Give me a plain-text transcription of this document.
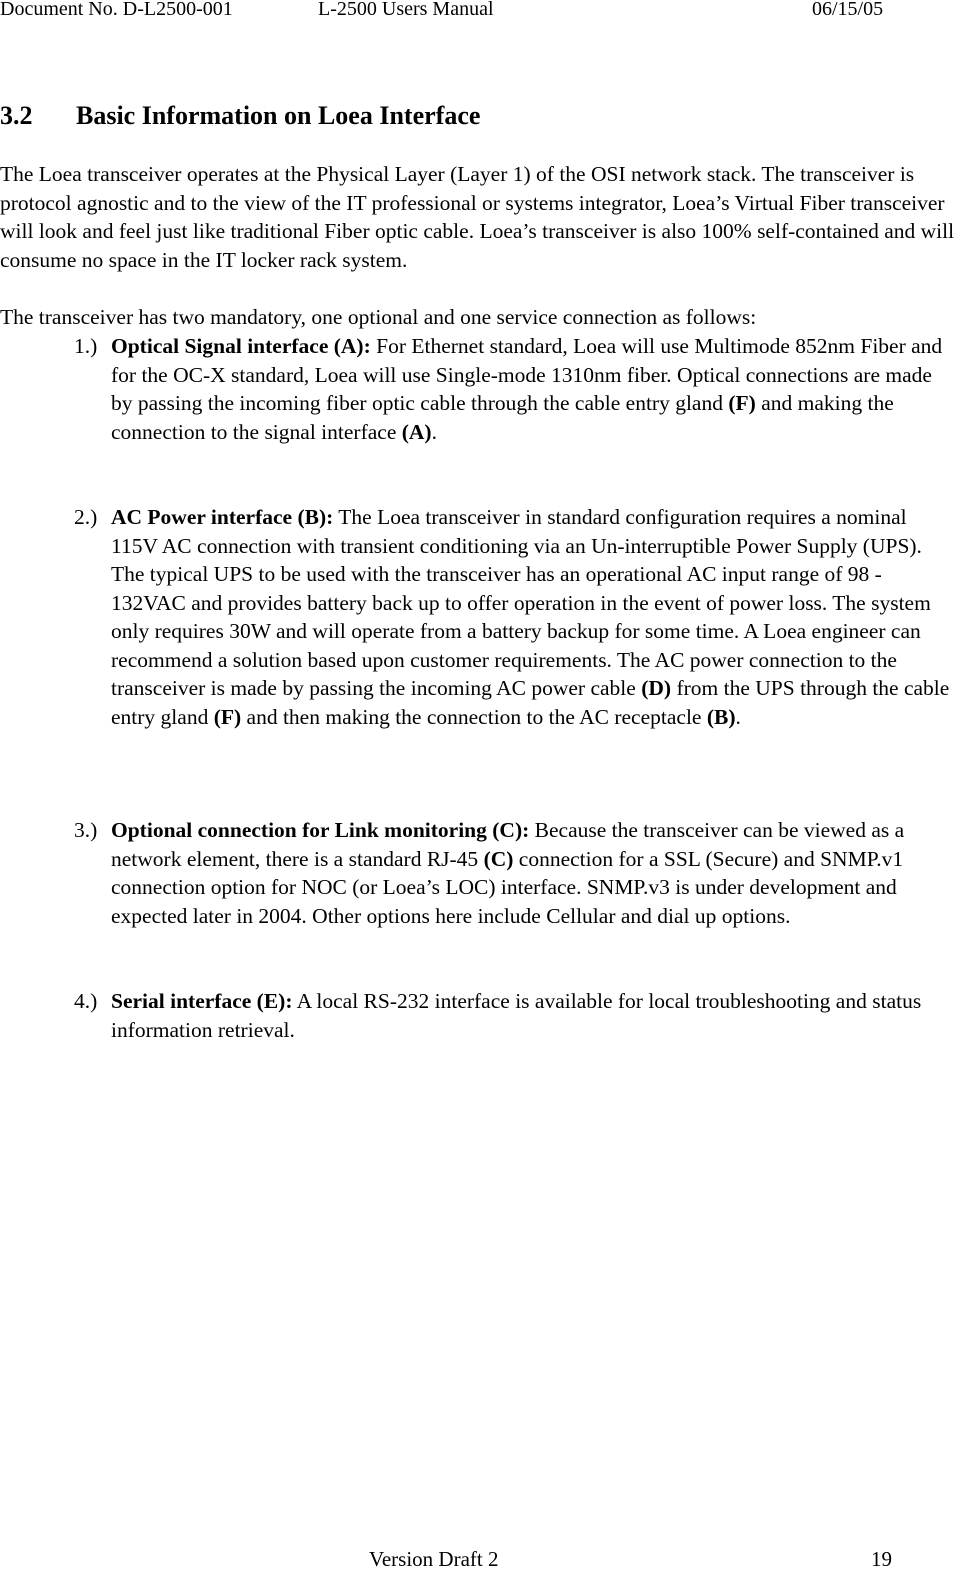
Document No. D-L2500-001	L-2500 Users Manual	06/15/05
3.2 Basic Information on Loea Interface

The Loea transceiver operates at the Physical Layer (Layer 1) of the OSI network stack. The transceiver is protocol agnostic and to the view of the IT professional or systems integrator, Loea’s Virtual Fiber transceiver will look and feel just like traditional Fiber optic cable. Loea’s transceiver is also 100% self-contained and will consume no space in the IT locker rack system.

The transceiver has two mandatory, one optional and one service connection as follows:

1.) Optical Signal interface (A): For Ethernet standard, Loea will use Multimode 852nm Fiber and for the OC-X standard, Loea will use Single-mode 1310nm fiber. Optical connections are made by passing the incoming fiber optic cable through the cable entry gland (F) and making the connection to the signal interface (A).
2.) AC Power interface (B): The Loea transceiver in standard configuration requires a nominal 115V AC connection with transient conditioning via an Un-interruptible Power Supply (UPS). The typical UPS to be used with the transceiver has an operational AC input range of 98 - 132VAC and provides battery back up to offer operation in the event of power loss. The system only requires 30W and will operate from a battery backup for some time. A Loea engineer can recommend a solution based upon customer requirements. The AC power connection to the transceiver is made by passing the incoming AC power cable (D) from the UPS through the cable entry gland (F) and then making the connection to the AC receptacle (B).
3.) Optional connection for Link monitoring (C): Because the transceiver can be viewed as a network element, there is a standard RJ-45 (C) connection for a SSL (Secure) and SNMP.v1 connection option for NOC (or Loea’s LOC) interface. SNMP.v3 is under development and expected later in 2004. Other options here include Cellular and dial up options.
4.) Serial interface (E): A local RS-232 interface is available for local troubleshooting and status information retrieval.
Version Draft 2	19
